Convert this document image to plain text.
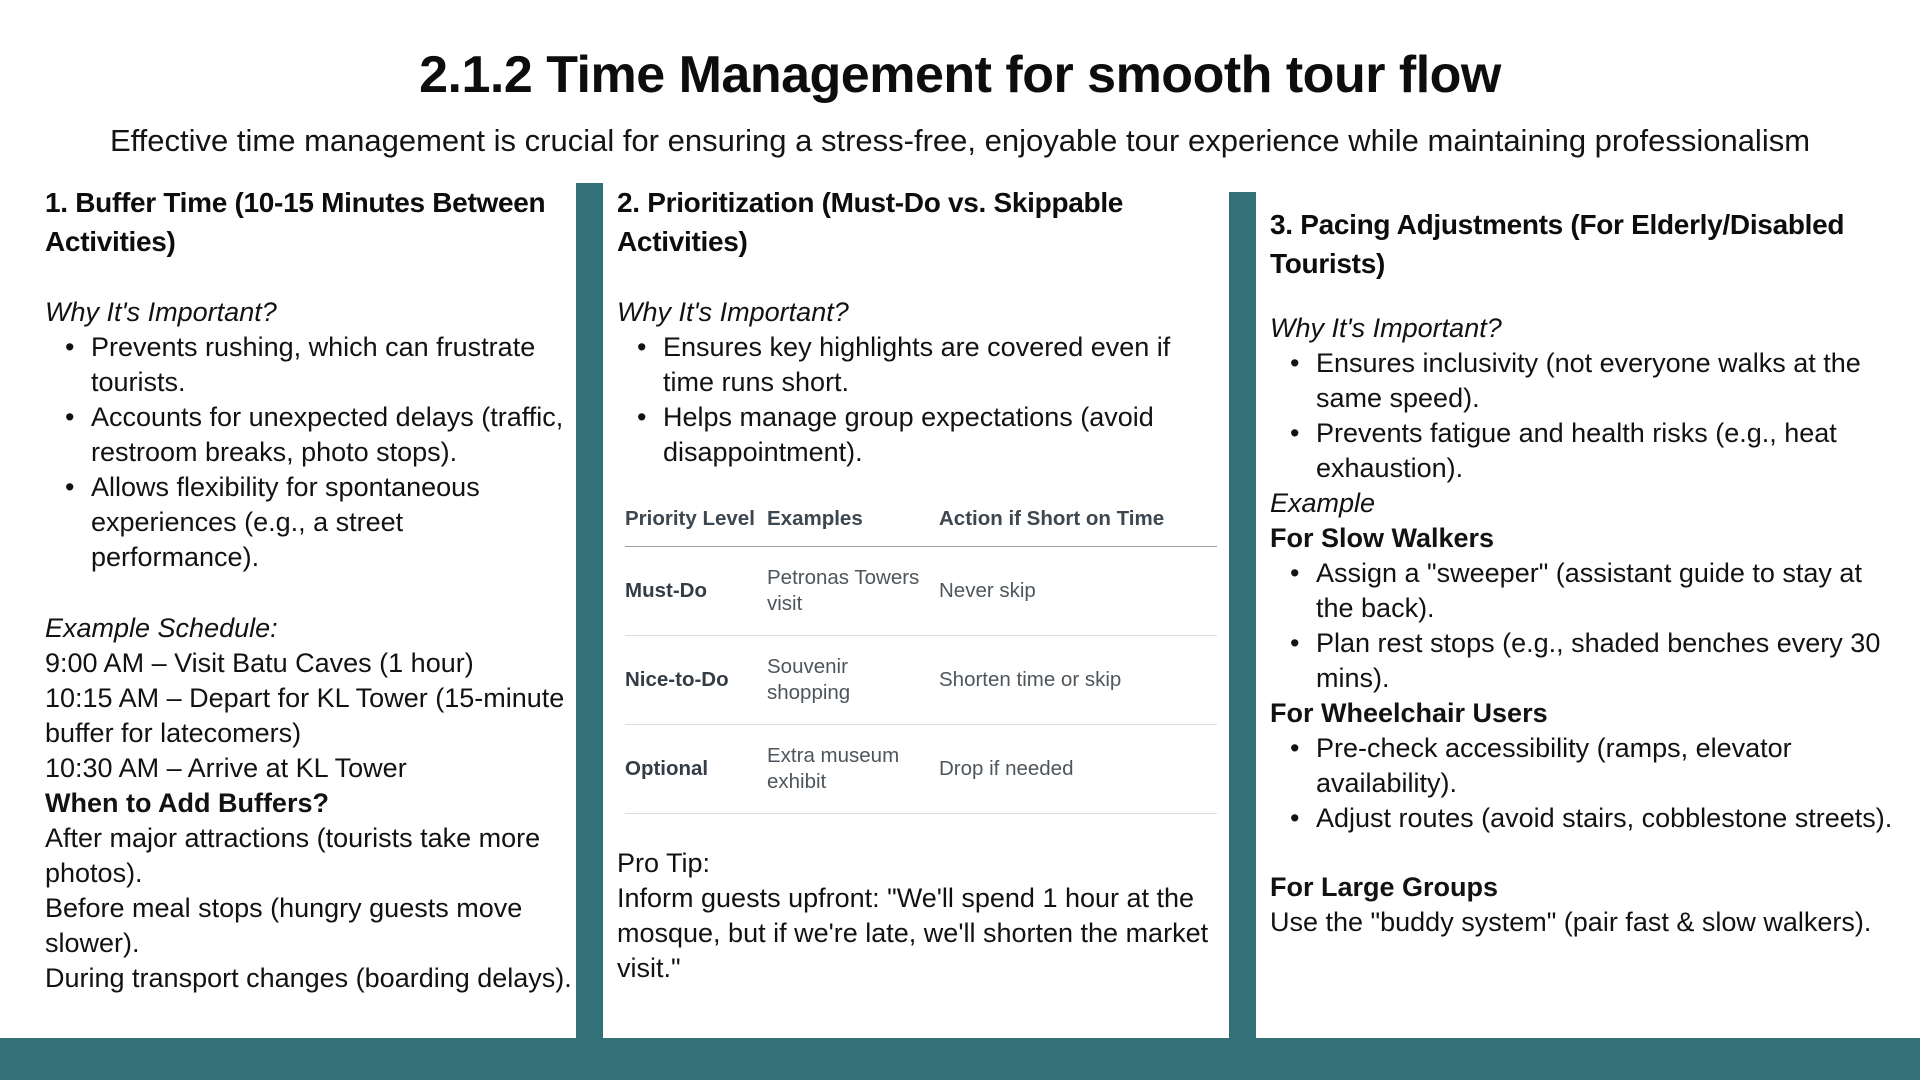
2.1.2 Time Management for smooth tour flow
Effective time management is crucial for ensuring a stress-free, enjoyable tour experience while maintaining professionalism
1. Buffer Time (10-15 Minutes Between Activities)
Why It's Important?
• Prevents rushing, which can frustrate tourists.
• Accounts for unexpected delays (traffic, restroom breaks, photo stops).
• Allows flexibility for spontaneous experiences (e.g., a street performance).
Example Schedule:
9:00 AM – Visit Batu Caves (1 hour)
10:15 AM – Depart for KL Tower (15-minute buffer for latecomers)
10:30 AM – Arrive at KL Tower
When to Add Buffers?
After major attractions (tourists take more photos).
Before meal stops (hungry guests move slower).
During transport changes (boarding delays).
2. Prioritization (Must-Do vs. Skippable Activities)
Why It's Important?
• Ensures key highlights are covered even if time runs short.
• Helps manage group expectations (avoid disappointment).
Priority Level	Examples	Action if Short on Time
Must-Do	Petronas Towers visit	Never skip
Nice-to-Do	Souvenir shopping	Shorten time or skip
Optional	Extra museum exhibit	Drop if needed
Pro Tip:
Inform guests upfront: "We'll spend 1 hour at the mosque, but if we're late, we'll shorten the market visit."
3. Pacing Adjustments (For Elderly/Disabled Tourists)
Why It's Important?
• Ensures inclusivity (not everyone walks at the same speed).
• Prevents fatigue and health risks (e.g., heat exhaustion).
Example
For Slow Walkers
• Assign a "sweeper" (assistant guide to stay at the back).
• Plan rest stops (e.g., shaded benches every 30 mins).
For Wheelchair Users
• Pre-check accessibility (ramps, elevator availability).
• Adjust routes (avoid stairs, cobblestone streets).
For Large Groups
Use the "buddy system" (pair fast & slow walkers).
